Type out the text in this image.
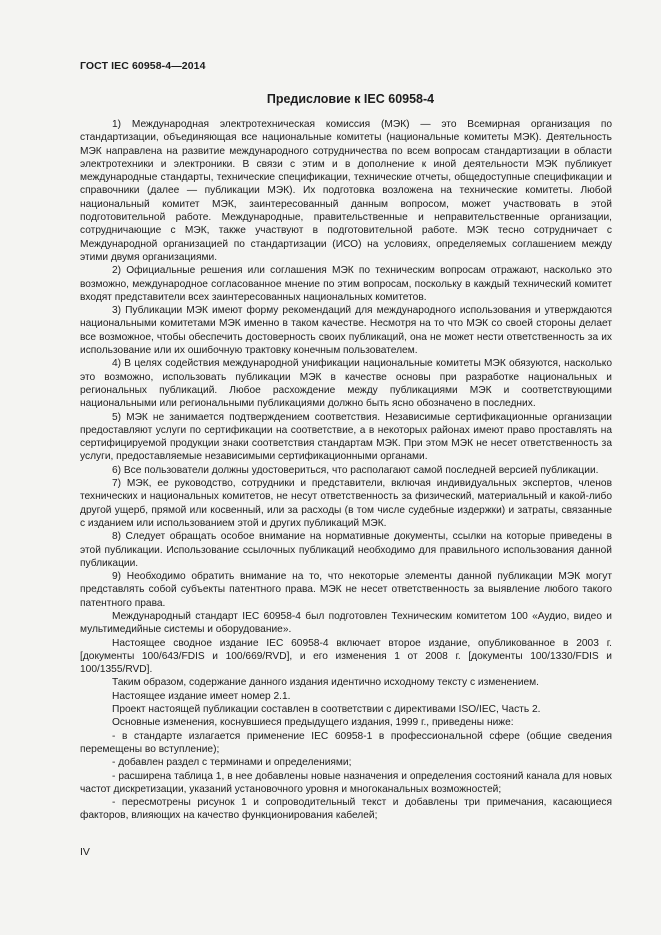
ГОСТ IEC 60958-4—2014
Предисловие к IEC 60958-4

1) Международная электротехническая комиссия (МЭК) — это Всемирная организация по стандартизации, объединяющая все национальные комитеты (национальные комитеты МЭК). Деятельность МЭК направлена на развитие международного сотрудничества по всем вопросам стандартизации в области электротехники и электроники. В связи с этим и в дополнение к иной деятельности МЭК публикует международные стандарты, технические спецификации, технические отчеты, общедоступные спецификации и справочники (далее — публикации МЭК). Их подготовка возложена на технические комитеты. Любой национальный комитет МЭК, заинтересованный данным вопросом, может участвовать в этой подготовительной работе. Международные, правительственные и неправительственные организации, сотрудничающие с МЭК, также участвуют в подготовительной работе. МЭК тесно сотрудничает с Международной организацией по стандартизации (ИСО) на условиях, определяемых соглашением между этими двумя организациями.

2) Официальные решения или соглашения МЭК по техническим вопросам отражают, насколько это возможно, международное согласованное мнение по этим вопросам, поскольку в каждый технический комитет входят представители всех заинтересованных национальных комитетов.

3) Публикации МЭК имеют форму рекомендаций для международного использования и утверждаются национальными комитетами МЭК именно в таком качестве. Несмотря на то что МЭК со своей стороны делает все возможное, чтобы обеспечить достоверность своих публикаций, она не может нести ответственность за их использование или их ошибочную трактовку конечным пользователем.

4) В целях содействия международной унификации национальные комитеты МЭК обязуются, насколько это возможно, использовать публикации МЭК в качестве основы при разработке национальных и региональных публикаций. Любое расхождение между публикациями МЭК и соответствующими национальными или региональными публикациями должно быть ясно обозначено в последних.

5) МЭК не занимается подтверждением соответствия. Независимые сертификационные организации предоставляют услуги по сертификации на соответствие, а в некоторых районах имеют право проставлять на сертифицируемой продукции знаки соответствия стандартам МЭК. При этом МЭК не несет ответственность за услуги, предоставляемые независимыми сертификационными органами.

6) Все пользователи должны удостовериться, что располагают самой последней версией публикации.

7) МЭК, ее руководство, сотрудники и представители, включая индивидуальных экспертов, членов технических и национальных комитетов, не несут ответственность за физический, материальный и какой-либо другой ущерб, прямой или косвенный, или за расходы (в том числе судебные издержки) и затраты, связанные с изданием или использованием этой и других публикаций МЭК.

8) Следует обращать особое внимание на нормативные документы, ссылки на которые приведены в этой публикации. Использование ссылочных публикаций необходимо для правильного использования данной публикации.

9) Необходимо обратить внимание на то, что некоторые элементы данной публикации МЭК могут представлять собой субъекты патентного права. МЭК не несет ответственность за выявление любого такого патентного права.

Международный стандарт IEC 60958-4 был подготовлен Техническим комитетом 100 «Аудио, видео и мультимедийные системы и оборудование».

Настоящее сводное издание IEC 60958-4 включает второе издание, опубликованное в 2003 г. [документы 100/643/FDIS и 100/669/RVD], и его изменения 1 от 2008 г. [документы 100/1330/FDIS и 100/1355/RVD].

Таким образом, содержание данного издания идентично исходному тексту с изменением.

Настоящее издание имеет номер 2.1.

Проект настоящей публикации составлен в соответствии с директивами ISO/IEC, Часть 2.

Основные изменения, коснувшиеся предыдущего издания, 1999 г., приведены ниже:

- в стандарте излагается применение IEC 60958-1 в профессиональной сфере (общие сведения перемещены во вступление);

- добавлен раздел с терминами и определениями;

- расширена таблица 1, в нее добавлены новые назначения и определения состояний канала для новых частот дискретизации, указаний установочного уровня и многоканальных возможностей;

- пересмотрены рисунок 1 и сопроводительный текст и добавлены три примечания, касающиеся факторов, влияющих на качество функционирования кабелей;

IV
